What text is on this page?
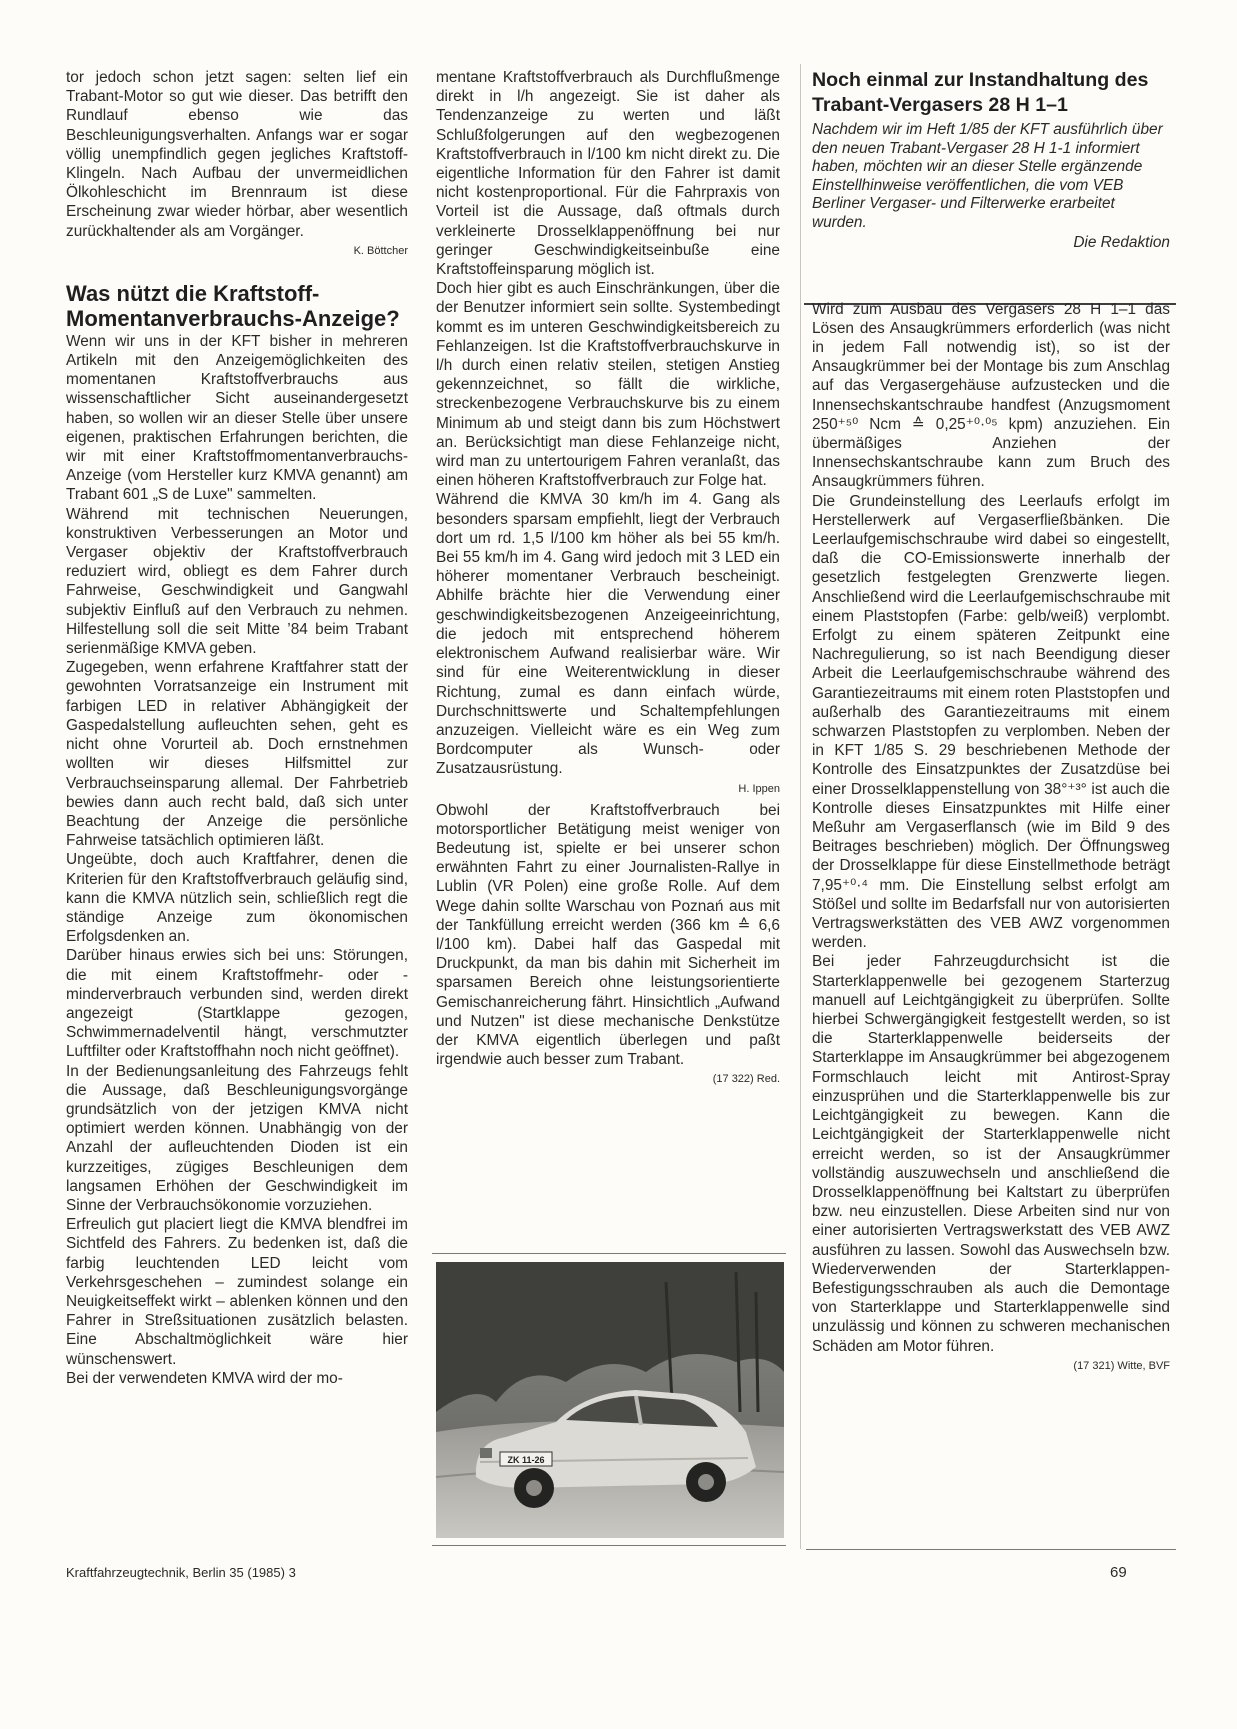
tor jedoch schon jetzt sagen: selten lief ein Trabant-Motor so gut wie dieser. Das betrifft den Rundlauf ebenso wie das Beschleunigungsverhalten. Anfangs war er sogar völlig unempfindlich gegen jegliches Kraftstoff-Klingeln. Nach Aufbau der unvermeidlichen Ölkohleschicht im Brennraum ist diese Erscheinung zwar wieder hörbar, aber wesentlich zurückhaltender als am Vorgänger.

K. Böttcher
Was nützt die Kraftstoff-Momentanverbrauchs-Anzeige?

Wenn wir uns in der KFT bisher in mehreren Artikeln mit den Anzeigemöglichkeiten des momentanen Kraftstoffverbrauchs aus wissenschaftlicher Sicht auseinandergesetzt haben, so wollen wir an dieser Stelle über unsere eigenen, praktischen Erfahrungen berichten, die wir mit einer Kraftstoffmomentanverbrauchs-Anzeige (vom Hersteller kurz KMVA genannt) am Trabant 601 „S de Luxe" sammelten.

Während mit technischen Neuerungen, konstruktiven Verbesserungen an Motor und Vergaser objektiv der Kraftstoffverbrauch reduziert wird, obliegt es dem Fahrer durch Fahrweise, Geschwindigkeit und Gangwahl subjektiv Einfluß auf den Verbrauch zu nehmen. Hilfestellung soll die seit Mitte ’84 beim Trabant serienmäßige KMVA geben.

Zugegeben, wenn erfahrene Kraftfahrer statt der gewohnten Vorratsanzeige ein Instrument mit farbigen LED in relativer Abhängigkeit der Gaspedalstellung aufleuchten sehen, geht es nicht ohne Vorurteil ab. Doch ernstnehmen wollten wir dieses Hilfsmittel zur Verbrauchseinsparung allemal. Der Fahrbetrieb bewies dann auch recht bald, daß sich unter Beachtung der Anzeige die persönliche Fahrweise tatsächlich optimieren läßt.

Ungeübte, doch auch Kraftfahrer, denen die Kriterien für den Kraftstoffverbrauch geläufig sind, kann die KMVA nützlich sein, schließlich regt die ständige Anzeige zum ökonomischen Erfolgsdenken an.

Darüber hinaus erwies sich bei uns: Störungen, die mit einem Kraftstoffmehr- oder -minderverbrauch verbunden sind, werden direkt angezeigt (Startklappe gezogen, Schwimmernadelventil hängt, verschmutzter Luftfilter oder Kraftstoffhahn noch nicht geöffnet).

In der Bedienungsanleitung des Fahrzeugs fehlt die Aussage, daß Beschleunigungsvorgänge grundsätzlich von der jetzigen KMVA nicht optimiert werden können. Unabhängig von der Anzahl der aufleuchtenden Dioden ist ein kurzzeitiges, zügiges Beschleunigen dem langsamen Erhöhen der Geschwindigkeit im Sinne der Verbrauchsökonomie vorzuziehen.

Erfreulich gut placiert liegt die KMVA blendfrei im Sichtfeld des Fahrers. Zu bedenken ist, daß die farbig leuchtenden LED leicht vom Verkehrsgeschehen – zumindest solange ein Neuigkeitseffekt wirkt – ablenken können und den Fahrer in Streßsituationen zusätzlich belasten. Eine Abschaltmöglichkeit wäre hier wünschenswert.

Bei der verwendeten KMVA wird der mo-

mentane Kraftstoffverbrauch als Durchflußmenge direkt in l/h angezeigt. Sie ist daher als Tendenzanzeige zu werten und läßt Schlußfolgerungen auf den wegbezogenen Kraftstoffverbrauch in l/100 km nicht direkt zu. Die eigentliche Information für den Fahrer ist damit nicht kostenproportional. Für die Fahrpraxis von Vorteil ist die Aussage, daß oftmals durch verkleinerte Drosselklappenöffnung bei nur geringer Geschwindigkeitseinbuße eine Kraftstoffeinsparung möglich ist.

Doch hier gibt es auch Einschränkungen, über die der Benutzer informiert sein sollte. Systembedingt kommt es im unteren Geschwindigkeitsbereich zu Fehlanzeigen. Ist die Kraftstoffverbrauchskurve in l/h durch einen relativ steilen, stetigen Anstieg gekennzeichnet, so fällt die wirkliche, streckenbezogene Verbrauchskurve bis zu einem Minimum ab und steigt dann bis zum Höchstwert an. Berücksichtigt man diese Fehlanzeige nicht, wird man zu untertourigem Fahren veranlaßt, das einen höheren Kraftstoffverbrauch zur Folge hat.

Während die KMVA 30 km/h im 4. Gang als besonders sparsam empfiehlt, liegt der Verbrauch dort um rd. 1,5 l/100 km höher als bei 55 km/h. Bei 55 km/h im 4. Gang wird jedoch mit 3 LED ein höherer momentaner Verbrauch bescheinigt. Abhilfe brächte hier die Verwendung einer geschwindigkeitsbezogenen Anzeigeeinrichtung, die jedoch mit entsprechend höherem elektronischem Aufwand realisierbar wäre. Wir sind für eine Weiterentwicklung in dieser Richtung, zumal es dann einfach würde, Durchschnittswerte und Schaltempfehlungen anzuzeigen. Vielleicht wäre es ein Weg zum Bordcomputer als Wunsch- oder Zusatzausrüstung.

H. Ippen

Obwohl der Kraftstoffverbrauch bei motorsportlicher Betätigung meist weniger von Bedeutung ist, spielte er bei unserer schon erwähnten Fahrt zu einer Journalisten-Rallye in Lublin (VR Polen) eine große Rolle. Auf dem Wege dahin sollte Warschau von Poznań aus mit der Tankfüllung erreicht werden (366 km ≙ 6,6 l/100 km). Dabei half das Gaspedal mit Druckpunkt, da man bis dahin mit Sicherheit im sparsamen Bereich ohne leistungsorientierte Gemischanreicherung fährt. Hinsichtlich „Aufwand und Nutzen" ist diese mechanische Denkstütze der KMVA eigentlich überlegen und paßt irgendwie auch besser zum Trabant.

(17 322) Red.
ZK 11-26
Noch einmal zur Instandhaltung des Trabant-Vergasers 28 H 1–1

Nachdem wir im Heft 1/85 der KFT ausführlich über den neuen Trabant-Vergaser 28 H 1-1 informiert haben, möchten wir an dieser Stelle ergänzende Einstellhinweise veröffentlichen, die vom VEB Berliner Vergaser- und Filterwerke erarbeitet wurden.

Die Redaktion

Wird zum Ausbau des Vergasers 28 H 1–1 das Lösen des Ansaugkrümmers erforderlich (was nicht in jedem Fall notwendig ist), so ist der Ansaugkrümmer bei der Montage bis zum Anschlag auf das Vergasergehäuse aufzustecken und die Innensechskantschraube handfest (Anzugsmoment 250⁺⁵⁰ Ncm ≙ 0,25⁺⁰·⁰⁵ kpm) anzuziehen. Ein übermäßiges Anziehen der Innensechskantschraube kann zum Bruch des Ansaugkrümmers führen.

Die Grundeinstellung des Leerlaufs erfolgt im Herstellerwerk auf Vergaserfließbänken. Die Leerlaufgemischschraube wird dabei so eingestellt, daß die CO-Emissionswerte innerhalb der gesetzlich festgelegten Grenzwerte liegen. Anschließend wird die Leerlaufgemischschraube mit einem Plaststopfen (Farbe: gelb/weiß) verplombt. Erfolgt zu einem späteren Zeitpunkt eine Nachregulierung, so ist nach Beendigung dieser Arbeit die Leerlaufgemischschraube während des Garantiezeitraums mit einem roten Plaststopfen und außerhalb des Garantiezeitraums mit einem schwarzen Plaststopfen zu verplomben. Neben der in KFT 1/85 S. 29 beschriebenen Methode der Kontrolle des Einsatzpunktes der Zusatzdüse bei einer Drosselklappenstellung von 38°⁺³° ist auch die Kontrolle dieses Einsatzpunktes mit Hilfe einer Meßuhr am Vergaserflansch (wie im Bild 9 des Beitrages beschrieben) möglich. Der Öffnungsweg der Drosselklappe für diese Einstellmethode beträgt 7,95⁺⁰·⁴ mm. Die Einstellung selbst erfolgt am Stößel und sollte im Bedarfsfall nur von autorisierten Vertragswerkstätten des VEB AWZ vorgenommen werden.

Bei jeder Fahrzeugdurchsicht ist die Starterklappenwelle bei gezogenem Starterzug manuell auf Leichtgängigkeit zu überprüfen. Sollte hierbei Schwergängigkeit festgestellt werden, so ist die Starterklappenwelle beiderseits der Starterklappe im Ansaugkrümmer bei abgezogenem Formschlauch leicht mit Antirost-Spray einzusprühen und die Starterklappenwelle bis zur Leichtgängigkeit zu bewegen. Kann die Leichtgängigkeit der Starterklappenwelle nicht erreicht werden, so ist der Ansaugkrümmer vollständig auszuwechseln und anschließend die Drosselklappenöffnung bei Kaltstart zu überprüfen bzw. neu einzustellen. Diese Arbeiten sind nur von einer autorisierten Vertragswerkstatt des VEB AWZ ausführen zu lassen. Sowohl das Auswechseln bzw. Wiederverwenden der Starterklappen-Befestigungsschrauben als auch die Demontage von Starterklappe und Starterklappenwelle sind unzulässig und können zu schweren mechanischen Schäden am Motor führen.

(17 321) Witte, BVF
Kraftfahrzeugtechnik, Berlin 35 (1985) 3	69
